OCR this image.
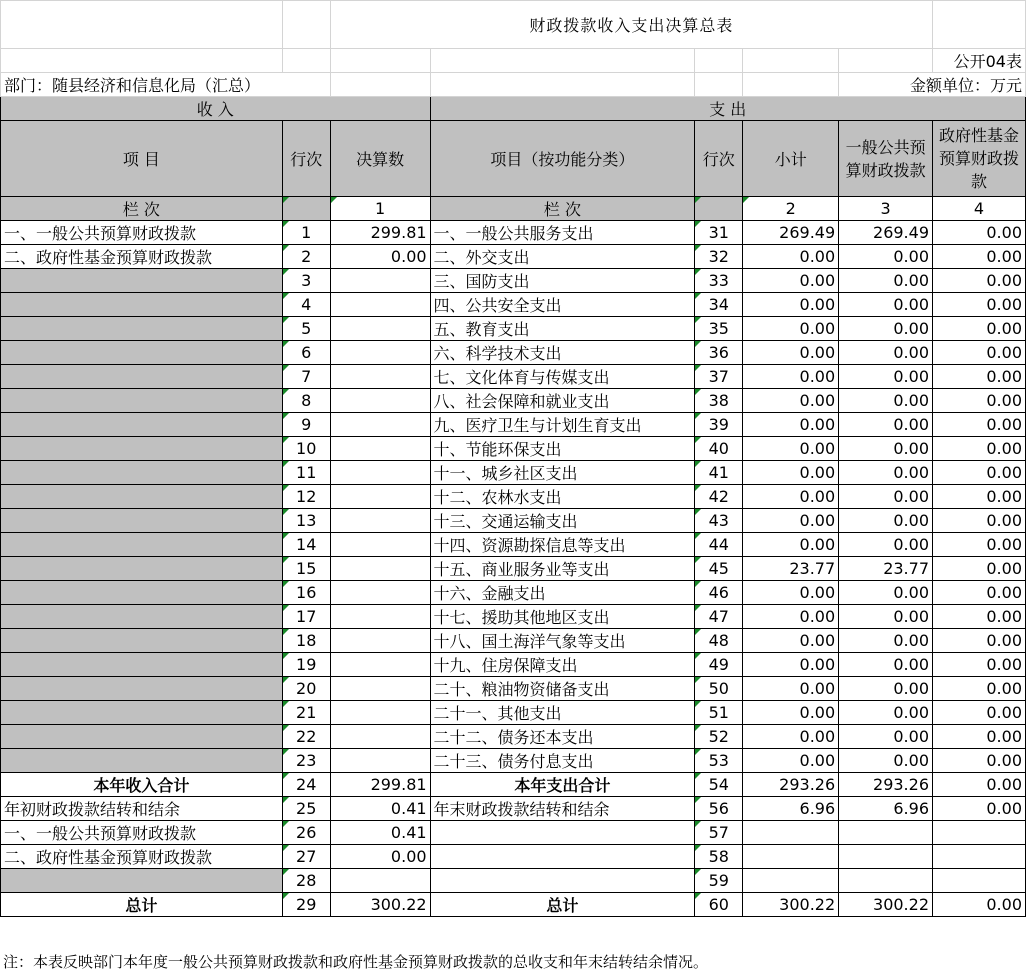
		财政拨款收入支出决算总表					
							公开04表
部门：随县经济和信息化局（汇总）						金额单位：万元	
收 入			支 出				
项 目	行次	决算数	项目（按功能分类）	行次	小计	一般公共预算财政拨款	政府性基金预算财政拨款
栏 次		1	栏 次		2	3	4
一、一般公共预算财政拨款	1	299.81	一、一般公共服务支出	31	269.49	269.49	0.00
二、政府性基金预算财政拨款	2	0.00	二、外交支出	32	0.00	0.00	0.00
	3		三、国防支出	33	0.00	0.00	0.00
	4		四、公共安全支出	34	0.00	0.00	0.00
	5		五、教育支出	35	0.00	0.00	0.00
	6		六、科学技术支出	36	0.00	0.00	0.00
	7		七、文化体育与传媒支出	37	0.00	0.00	0.00
	8		八、社会保障和就业支出	38	0.00	0.00	0.00
	9		九、医疗卫生与计划生育支出	39	0.00	0.00	0.00
	10		十、节能环保支出	40	0.00	0.00	0.00
	11		十一、城乡社区支出	41	0.00	0.00	0.00
	12		十二、农林水支出	42	0.00	0.00	0.00
	13		十三、交通运输支出	43	0.00	0.00	0.00
	14		十四、资源勘探信息等支出	44	0.00	0.00	0.00
	15		十五、商业服务业等支出	45	23.77	23.77	0.00
	16		十六、金融支出	46	0.00	0.00	0.00
	17		十七、援助其他地区支出	47	0.00	0.00	0.00
	18		十八、国土海洋气象等支出	48	0.00	0.00	0.00
	19		十九、住房保障支出	49	0.00	0.00	0.00
	20		二十、粮油物资储备支出	50	0.00	0.00	0.00
	21		二十一、其他支出	51	0.00	0.00	0.00
	22		二十二、债务还本支出	52	0.00	0.00	0.00
	23		二十三、债务付息支出	53	0.00	0.00	0.00
本年收入合计	24	299.81	本年支出合计	54	293.26	293.26	0.00
年初财政拨款结转和结余	25	0.41	年末财政拨款结转和结余	56	6.96	6.96	0.00
一、一般公共预算财政拨款	26	0.41		57			
二、政府性基金预算财政拨款	27	0.00		58			
	28			59			
总计	29	300.22	总计	60	300.22	300.22	0.00
注：本表反映部门本年度一般公共预算财政拨款和政府性基金预算财政拨款的总收支和年末结转结余情况。
